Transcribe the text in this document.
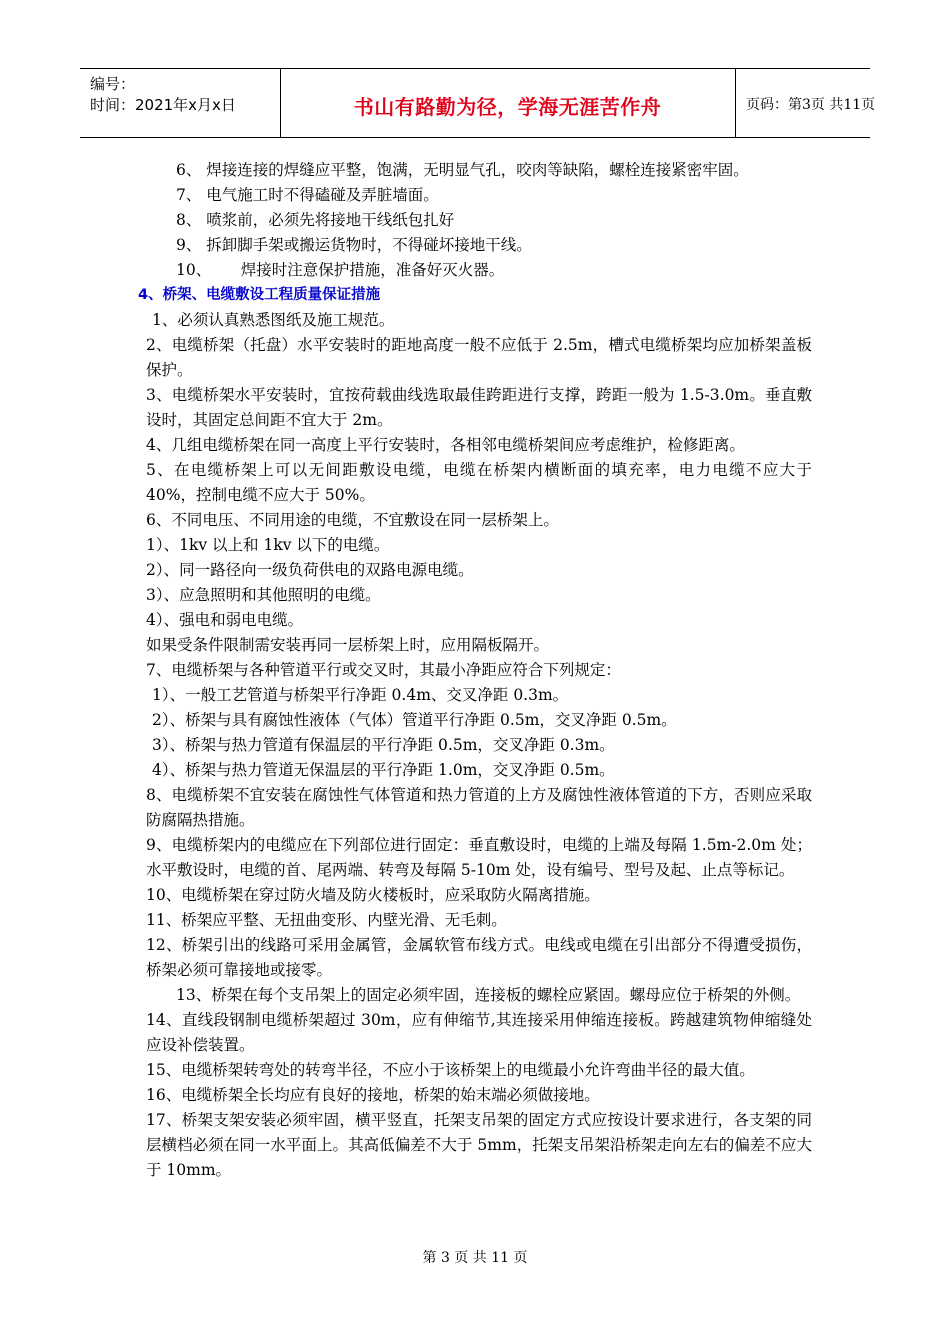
编号：
时间：2021年x月x日	书山有路勤为径，学海无涯苦作舟	页码：第3页 共11页

6、 焊接连接的焊缝应平整，饱满，无明显气孔，咬肉等缺陷，螺栓连接紧密牢固。

7、 电气施工时不得磕碰及弄脏墙面。

8、 喷浆前，必须先将接地干线纸包扎好

9、 拆卸脚手架或搬运货物时，不得碰坏接地干线。

10、      焊接时注意保护措施，准备好灭火器。

4、桥架、电缆敷设工程质量保证措施

1、必须认真熟悉图纸及施工规范。

2、电缆桥架（托盘）水平安装时的距地高度一般不应低于 2.5m，槽式电缆桥架均应加桥架盖板保护。

3、电缆桥架水平安装时，宜按荷载曲线选取最佳跨距进行支撑，跨距一般为 1.5-3.0m。垂直敷设时，其固定总间距不宜大于 2m。

4、几组电缆桥架在同一高度上平行安装时，各相邻电缆桥架间应考虑维护，检修距离。

5、在电缆桥架上可以无间距敷设电缆，电缆在桥架内横断面的填充率，电力电缆不应大于 40%，控制电缆不应大于 50%。

6、不同电压、不同用途的电缆，不宜敷设在同一层桥架上。

1）、1kv 以上和 1kv 以下的电缆。

2）、同一路径向一级负荷供电的双路电源电缆。

3）、应急照明和其他照明的电缆。

4）、强电和弱电电缆。

如果受条件限制需安装再同一层桥架上时，应用隔板隔开。

7、电缆桥架与各种管道平行或交叉时，其最小净距应符合下列规定：

1）、一般工艺管道与桥架平行净距 0.4m、交叉净距 0.3m。

2）、桥架与具有腐蚀性液体（气体）管道平行净距 0.5m，交叉净距 0.5m。

3）、桥架与热力管道有保温层的平行净距 0.5m，交叉净距 0.3m。

4）、桥架与热力管道无保温层的平行净距 1.0m，交叉净距 0.5m。

8、电缆桥架不宜安装在腐蚀性气体管道和热力管道的上方及腐蚀性液体管道的下方，否则应采取防腐隔热措施。

9、电缆桥架内的电缆应在下列部位进行固定：垂直敷设时，电缆的上端及每隔 1.5m-2.0m 处；水平敷设时，电缆的首、尾两端、转弯及每隔 5-10m 处，设有编号、型号及起、止点等标记。

10、电缆桥架在穿过防火墙及防火楼板时，应采取防火隔离措施。

11、桥架应平整、无扭曲变形、内壁光滑、无毛刺。

12、桥架引出的线路可采用金属管，金属软管布线方式。电线或电缆在引出部分不得遭受损伤，桥架必须可靠接地或接零。

13、桥架在每个支吊架上的固定必须牢固，连接板的螺栓应紧固。螺母应位于桥架的外侧。

14、直线段钢制电缆桥架超过 30m，应有伸缩节,其连接采用伸缩连接板。跨越建筑物伸缩缝处应设补偿装置。

15、电缆桥架转弯处的转弯半径，不应小于该桥架上的电缆最小允许弯曲半径的最大值。

16、电缆桥架全长均应有良好的接地，桥架的始末端必须做接地。

17、桥架支架安装必须牢固，横平竖直，托架支吊架的固定方式应按设计要求进行，各支架的同层横档必须在同一水平面上。其高低偏差不大于 5mm，托架支吊架沿桥架走向左右的偏差不应大于 10mm。

第 3 页 共 11 页
